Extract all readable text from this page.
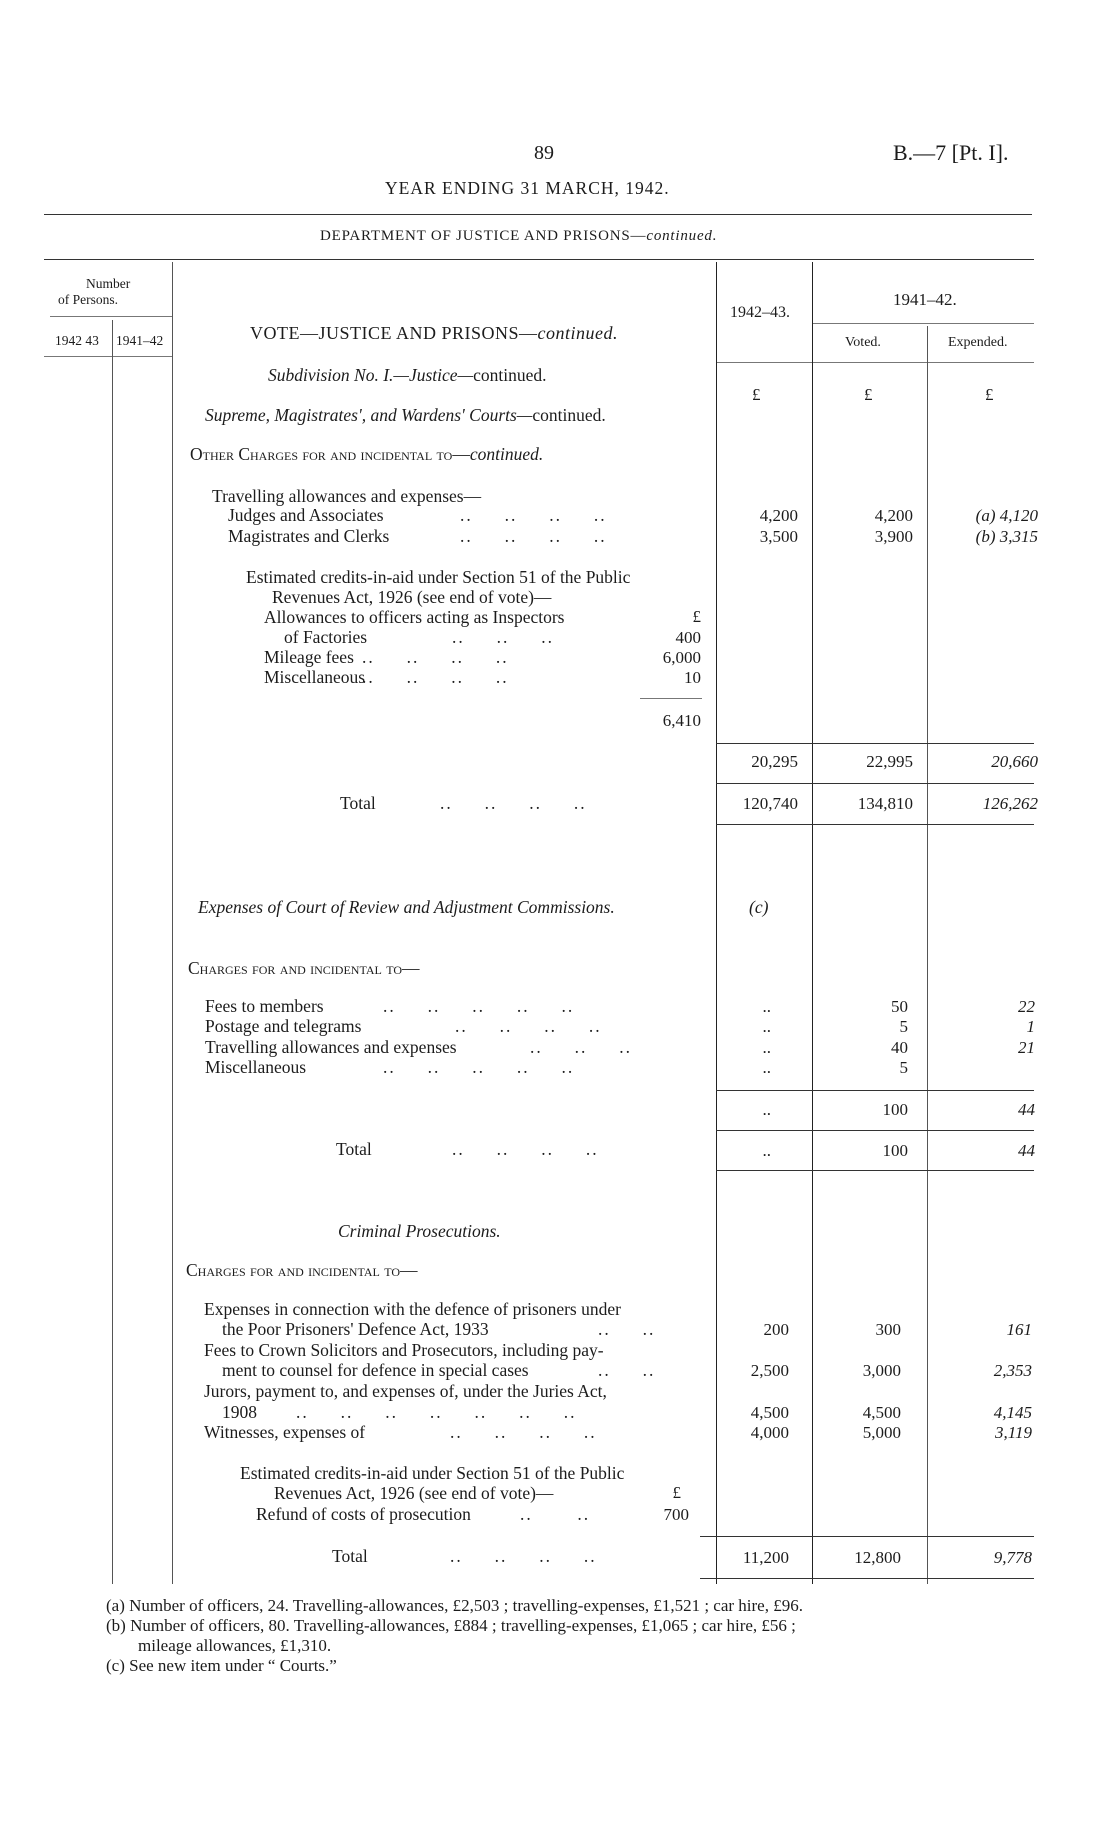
89	B.—7 [Pt. I].
YEAR ENDING 31 MARCH, 1942.
DEPARTMENT OF JUSTICE AND PRISONS—continued.
Number
of Persons.
1942 43 1941–42
1942–43.
1941–42.
Voted.	Expended.
VOTE—JUSTICE AND PRISONS—continued.
Subdivision No. I.—Justice—continued.
Supreme, Magistrates', and Wardens' Courts—continued.
Other Charges for and incidental to—continued.
£	£	£
Travelling allowances and expenses—
Judges and Associates	..     ..     ..     ..	4,200	4,200	(a) 4,120
Magistrates and Clerks	..     ..     ..     ..	3,500	3,900	(b) 3,315
Estimated credits-in-aid under Section 51 of the Public
Revenues Act, 1926 (see end of vote)—
Allowances to officers acting as Inspectors	£
of Factories	..     ..     ..	400
Mileage fees ..     ..     ..     ..	6,000
Miscellaneous
..     ..     ..     ..	10
6,410
20,295	22,995	20,660
Total	..     ..     ..     ..	120,740	134,810	126,262
Expenses of Court of Review and Adjustment Commissions.	(c)
Charges for and incidental to—
Fees to members	..     ..     ..     ..     ..	..	50	22
Postage and telegrams	..     ..     ..     ..	..	5	1
Travelling allowances and expenses	..     ..     ..	..	40	21
Miscellaneous	..     ..     ..     ..     ..	..	5
..	100	44
Total	..     ..     ..     ..	..	100	44
Criminal Prosecutions.
Charges for and incidental to—
Expenses in connection with the defence of prisoners under
the Poor Prisoners' Defence Act, 1933	..     ..	200	300	161
Fees to Crown Solicitors and Prosecutors, including pay-
ment to counsel for defence in special cases	..     ..	2,500	3,000	2,353
Jurors, payment to, and expenses of, under the Juries Act,
1908 ..     ..     ..     ..     ..     ..     ..	4,500	4,500	4,145
Witnesses, expenses of	..     ..     ..     ..	4,000	5,000	3,119
Estimated credits-in-aid under Section 51 of the Public
Revenues Act, 1926 (see end of vote)—	£
Refund of costs of prosecution	..       ..	700
Total	..     ..     ..     ..	11,200	12,800	9,778
(a) Number of officers, 24. Travelling-allowances, £2,503 ; travelling-expenses, £1,521 ; car hire, £96.
(b) Number of officers, 80. Travelling-allowances, £884 ; travelling-expenses, £1,065 ; car hire, £56 ;
mileage allowances, £1,310.
(c) See new item under “ Courts.”
